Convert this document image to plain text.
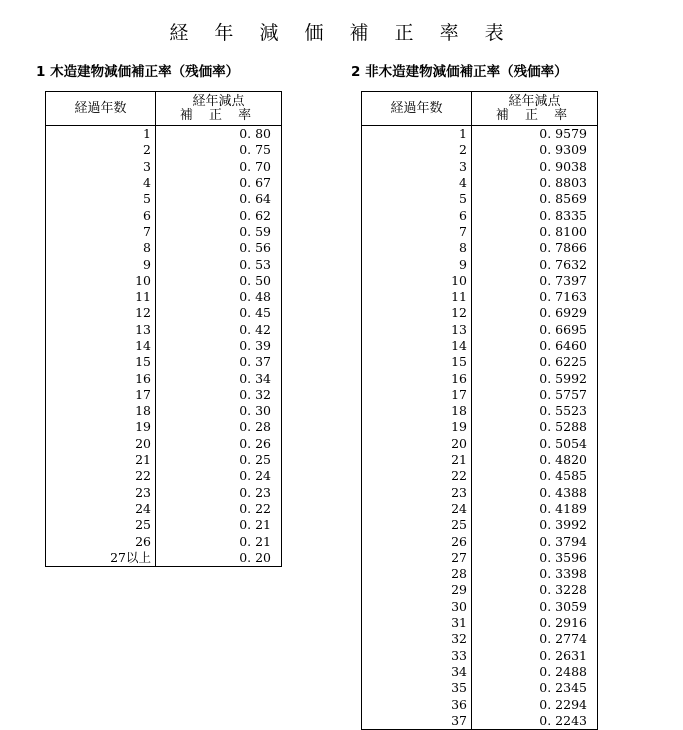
経 年 減 価 補 正 率 表
1 木造建物減価補正率（残価率）	2 非木造建物減価補正率（残価率）
経過年数	経年減点
補 正 率

1	0. 80
2	0. 75
3	0. 70
4	0. 67
5	0. 64
6	0. 62
7	0. 59
8	0. 56
9	0. 53
10	0. 50
11	0. 48
12	0. 45
13	0. 42
14	0. 39
15	0. 37
16	0. 34
17	0. 32
18	0. 30
19	0. 28
20	0. 26
21	0. 25
22	0. 24
23	0. 23
24	0. 22
25	0. 21
26	0. 21
27以上	0. 20
経過年数	経年減点
補 正 率

1	0. 9579
2	0. 9309
3	0. 9038
4	0. 8803
5	0. 8569
6	0. 8335
7	0. 8100
8	0. 7866
9	0. 7632
10	0. 7397
11	0. 7163
12	0. 6929
13	0. 6695
14	0. 6460
15	0. 6225
16	0. 5992
17	0. 5757
18	0. 5523
19	0. 5288
20	0. 5054
21	0. 4820
22	0. 4585
23	0. 4388
24	0. 4189
25	0. 3992
26	0. 3794
27	0. 3596
28	0. 3398
29	0. 3228
30	0. 3059
31	0. 2916
32	0. 2774
33	0. 2631
34	0. 2488
35	0. 2345
36	0. 2294
37	0. 2243
